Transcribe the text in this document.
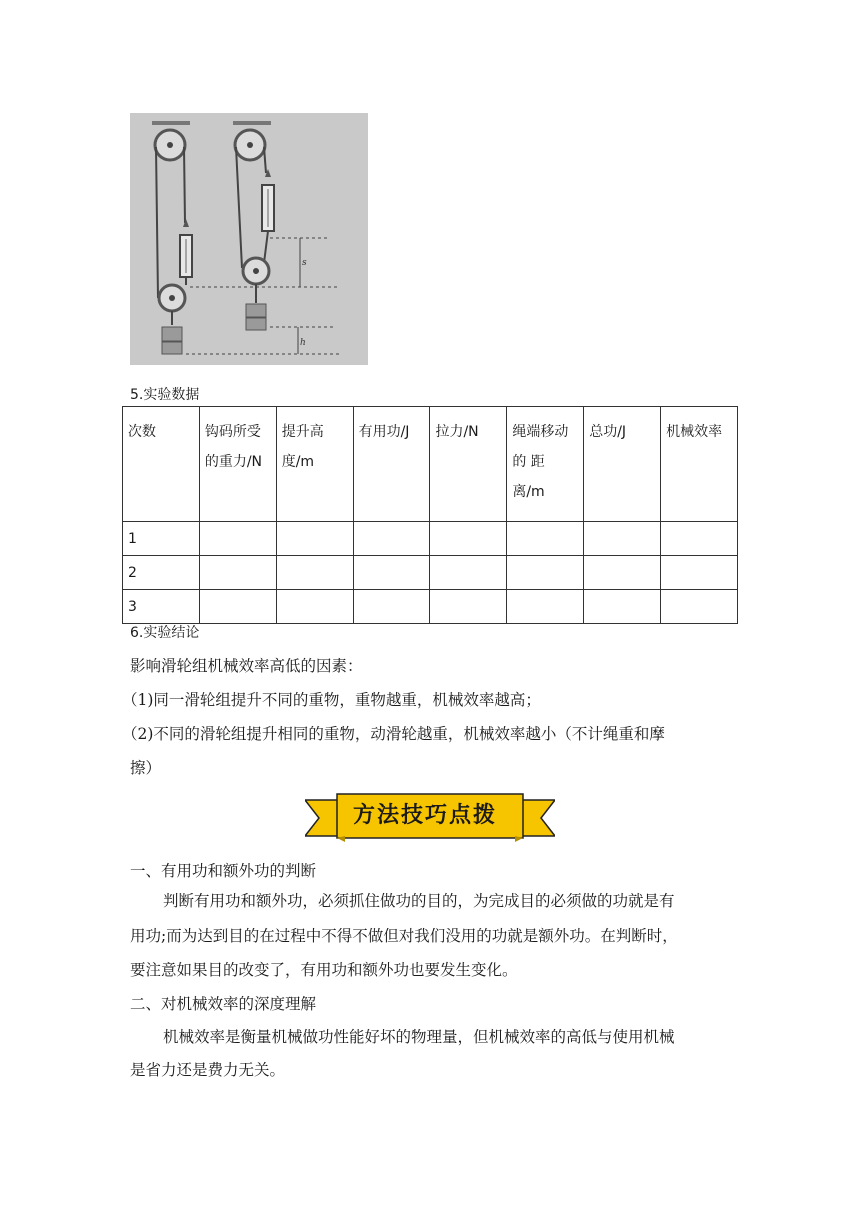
s
h
5.实验数据
次数	钩码所受的重力/N	提升高度/m	有用功/J	拉力/N	绳端移动的 距 离/m	总功/J	机械效率
1							
2							
3							
6.实验结论
影响滑轮组机械效率高低的因素：
（1)同一滑轮组提升不同的重物，重物越重，机械效率越高；
（2)不同的滑轮组提升相同的重物，动滑轮越重，机械效率越小（不计绳重和摩
擦）
方法技巧点拨
一、有用功和额外功的判断
判断有用功和额外功，必须抓住做功的目的，为完成目的必须做的功就是有
用功;而为达到目的在过程中不得不做但对我们没用的功就是额外功。在判断时，
要注意如果目的改变了，有用功和额外功也要发生变化。
二、对机械效率的深度理解
机械效率是衡量机械做功性能好坏的物理量，但机械效率的高低与使用机械
是省力还是费力无关。
